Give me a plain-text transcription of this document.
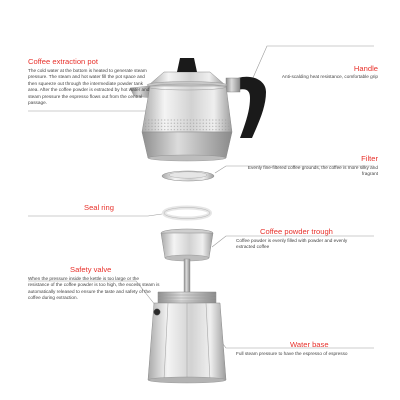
Coffee extraction pot
The cold water at the bottom is heated to generate steam pressure. The steam and hot water fill the pot space and then squeeze out through the intermediate powder tank area. After the coffee powder is extracted by hot water and steam pressure the espresso flows out from the central passage.
Handle
Anti-scalding heat resistance, comfortable grip
Filter
Evenly fine-filtered coffee grounds, the coffee is more silky and fragrant
Seal ring
Coffee powder trough
Coffee powder is evenly filled with powder and evenly extracted coffee
Safety valve
When the pressure inside the kettle is too large or the resistance of the coffee powder is too high, the excess steam is automatically released to ensure the taste and safety of the coffee during extraction.
Water base
Full steam pressure to have the espresso of espresso
